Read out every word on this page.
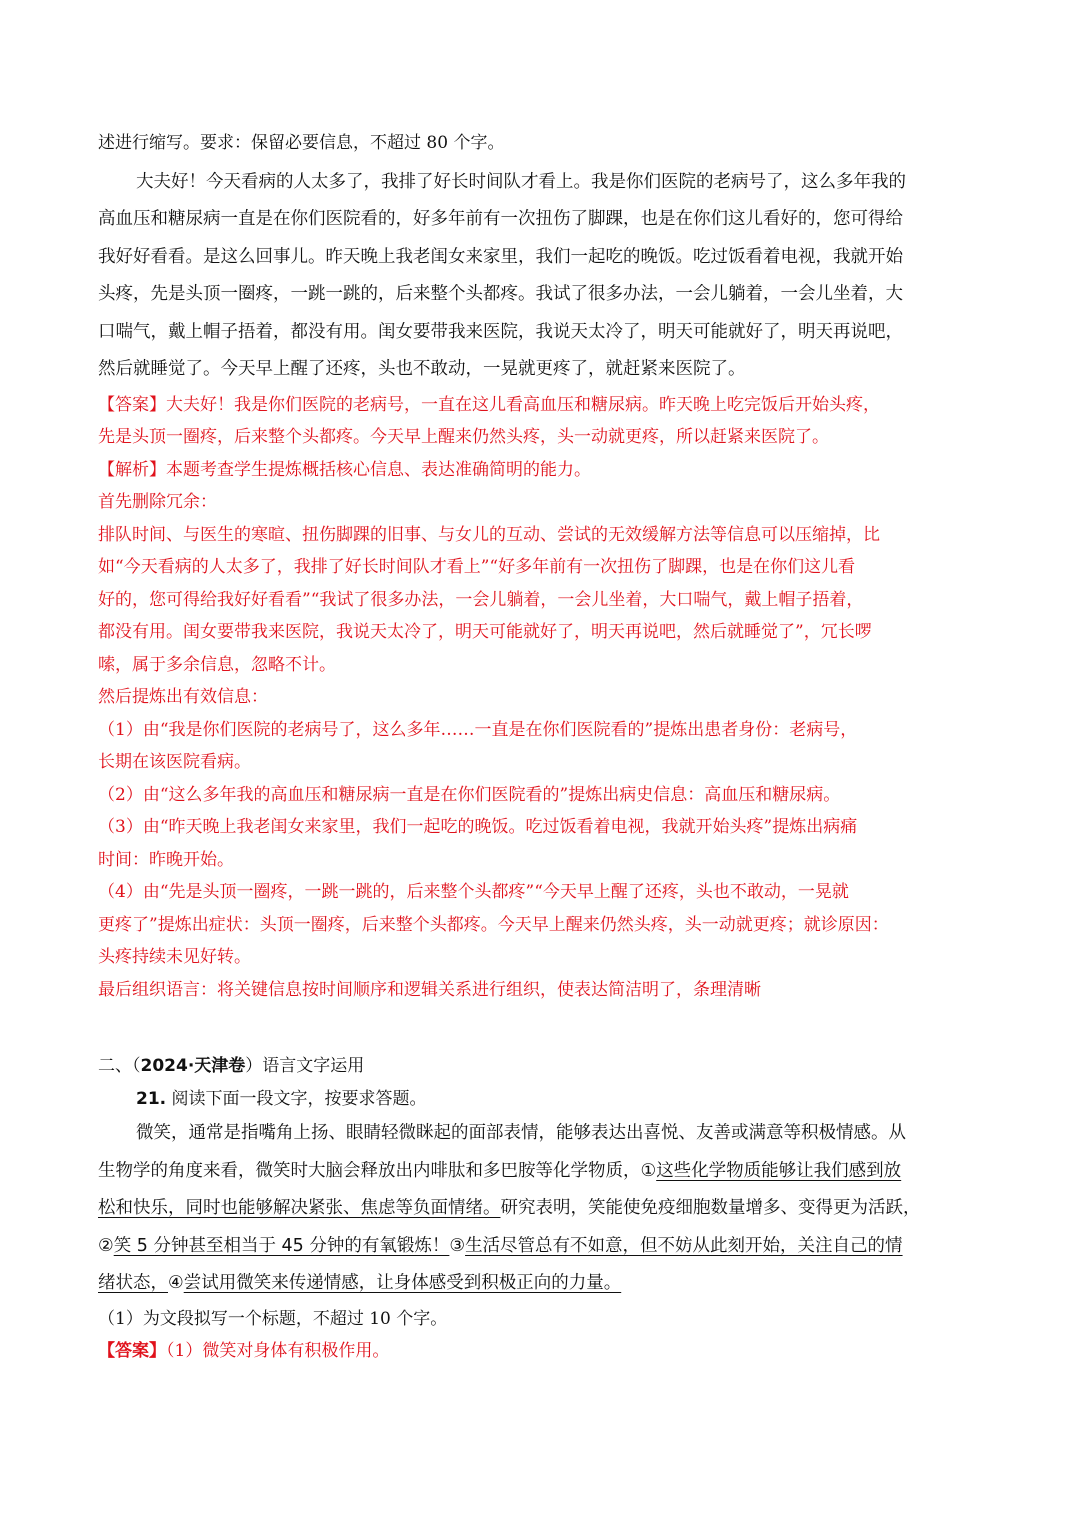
述进行缩写。要求：保留必要信息，不超过 80 个字。
大夫好！今天看病的人太多了，我排了好长时间队才看上。我是你们医院的老病号了，这么多年我的
高血压和糖尿病一直是在你们医院看的，好多年前有一次扭伤了脚踝，也是在你们这儿看好的，您可得给
我好好看看。是这么回事儿。昨天晚上我老闺女来家里，我们一起吃的晚饭。吃过饭看着电视，我就开始
头疼，先是头顶一圈疼，一跳一跳的，后来整个头都疼。我试了很多办法，一会儿躺着，一会儿坐着，大
口喘气，戴上帽子捂着，都没有用。闺女要带我来医院，我说天太冷了，明天可能就好了，明天再说吧，
然后就睡觉了。今天早上醒了还疼，头也不敢动，一晃就更疼了，就赶紧来医院了。
【答案】大夫好！我是你们医院的老病号，一直在这儿看高血压和糖尿病。昨天晚上吃完饭后开始头疼，
先是头顶一圈疼，后来整个头都疼。今天早上醒来仍然头疼，头一动就更疼，所以赶紧来医院了。
【解析】本题考查学生提炼概括核心信息、表达准确简明的能力。
首先删除冗余：
排队时间、与医生的寒暄、扭伤脚踝的旧事、与女儿的互动、尝试的无效缓解方法等信息可以压缩掉，比
如“今天看病的人太多了，我排了好长时间队才看上”“好多年前有一次扭伤了脚踝，也是在你们这儿看
好的，您可得给我好好看看”“我试了很多办法，一会儿躺着，一会儿坐着，大口喘气，戴上帽子捂着，
都没有用。闺女要带我来医院，我说天太冷了，明天可能就好了，明天再说吧，然后就睡觉了”，冗长啰
嗦，属于多余信息，忽略不计。
然后提炼出有效信息：
（1）由“我是你们医院的老病号了，这么多年……一直是在你们医院看的”提炼出患者身份：老病号，
长期在该医院看病。
（2）由“这么多年我的高血压和糖尿病一直是在你们医院看的”提炼出病史信息：高血压和糖尿病。
（3）由“昨天晚上我老闺女来家里，我们一起吃的晚饭。吃过饭看着电视，我就开始头疼”提炼出病痛
时间：昨晚开始。
（4）由“先是头顶一圈疼，一跳一跳的，后来整个头都疼”“今天早上醒了还疼，头也不敢动，一晃就
更疼了”提炼出症状：头顶一圈疼，后来整个头都疼。今天早上醒来仍然头疼，头一动就更疼；就诊原因：
头疼持续未见好转。
最后组织语言：将关键信息按时间顺序和逻辑关系进行组织，使表达简洁明了，条理清晰
二、（2024·天津卷）语言文字运用
21. 阅读下面一段文字，按要求答题。
微笑，通常是指嘴角上扬、眼睛轻微眯起的面部表情，能够表达出喜悦、友善或满意等积极情感。从
生物学的角度来看，微笑时大脑会释放出内啡肽和多巴胺等化学物质，①这些化学物质能够让我们感到放
松和快乐，同时也能够解决紧张、焦虑等负面情绪。研究表明，笑能使免疫细胞数量增多、变得更为活跃，
②笑 5 分钟甚至相当于 45 分钟的有氧锻炼！③生活尽管总有不如意，但不妨从此刻开始，关注自己的情
绪状态，④尝试用微笑来传递情感，让身体感受到积极正向的力量。
（1）为文段拟写一个标题，不超过 10 个字。
【答案】（1）微笑对身体有积极作用。
